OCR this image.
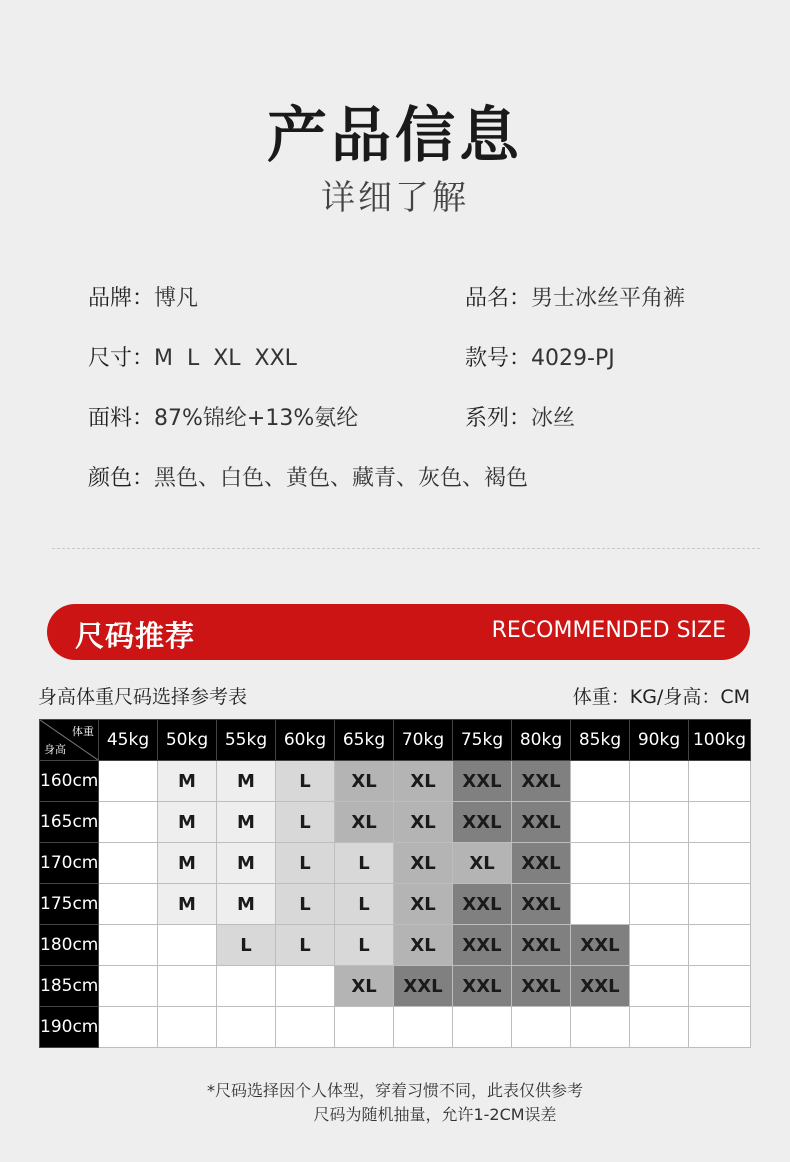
产品信息
详细了解
品牌：博凡	品名：男士冰丝平角裤
尺寸：M  L  XL  XXL	款号：4029-PJ
面料：87%锦纶+13%氨纶	系列：冰丝
颜色：黑色、白色、黄色、藏青、灰色、褐色
尺码推荐	RECOMMENDED SIZE
身高体重尺码选择参考表	体重：KG/身高：CM
体重
身高	45kg	50kg	55kg	60kg	65kg	70kg	75kg	80kg	85kg	90kg	100kg
160cm		M	M	L	XL	XL	XXL	XXL			
165cm		M	M	L	XL	XL	XXL	XXL			
170cm		M	M	L	L	XL	XL	XXL			
175cm		M	M	L	L	XL	XXL	XXL			
180cm			L	L	L	XL	XXL	XXL	XXL		
185cm					XL	XXL	XXL	XXL	XXL		
190cm											
*尺码选择因个人体型，穿着习惯不同，此表仅供参考
尺码为随机抽量，允许1-2CM误差
